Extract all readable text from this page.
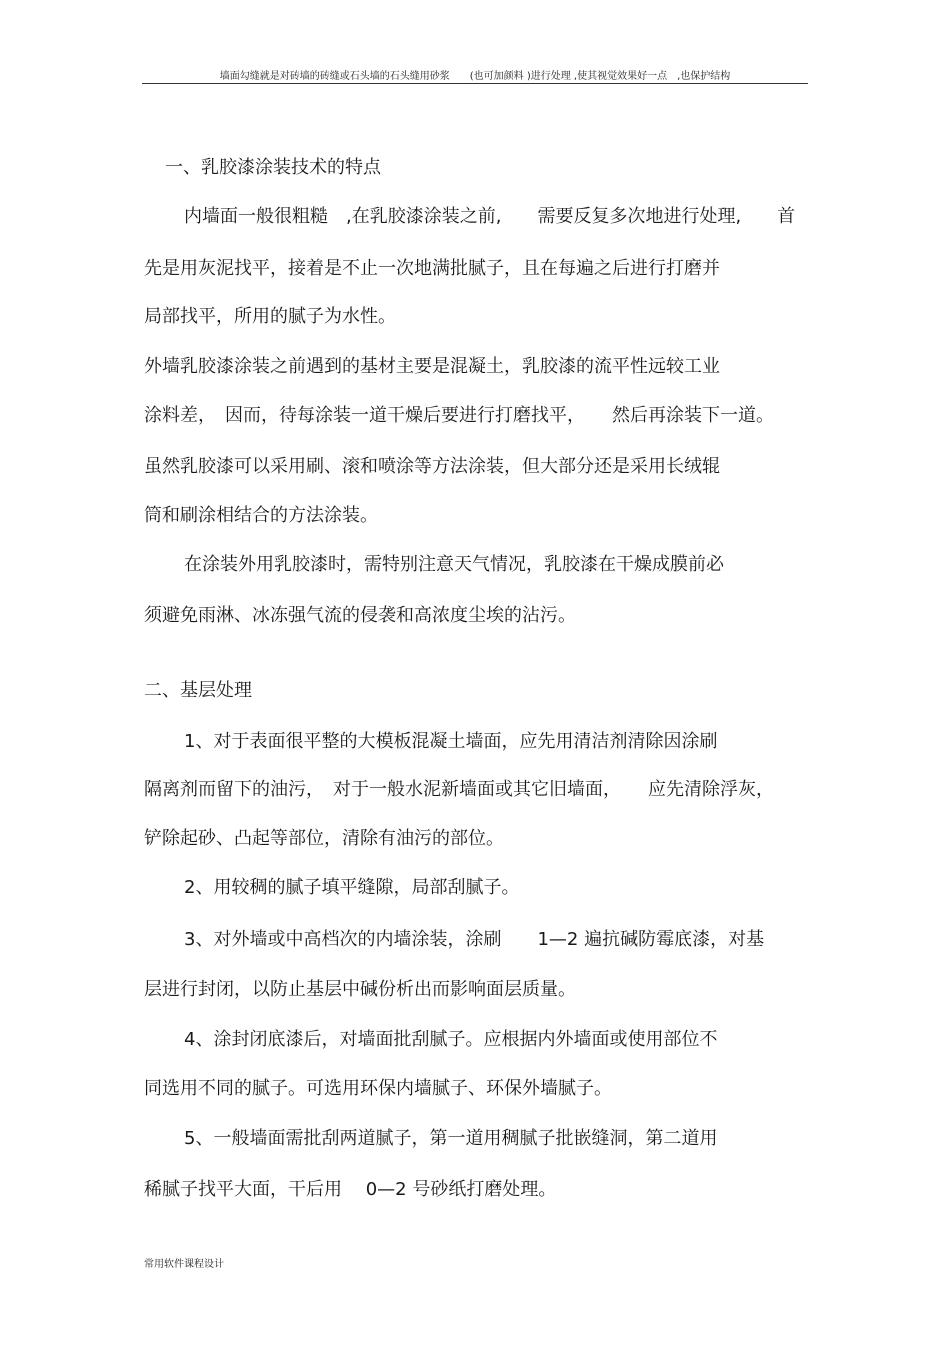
墙面勾缝就是对砖墙的砖缝或石头墙的石头缝用砂浆　　(也可加颜料 )进行处理 ,使其视觉效果好一点　,也保护结构
一、乳胶漆涂装技术的特点
内墙面一般很粗糙　,在乳胶漆涂装之前,　　需要反复多次地进行处理,　　首
先是用灰泥找平，接着是不止一次地满批腻子，且在每遍之后进行打磨并
局部找平，所用的腻子为水性。
外墙乳胶漆涂装之前遇到的基材主要是混凝土，乳胶漆的流平性远较工业
涂料差，　因而，待每涂装一道干燥后要进行打磨找平，　　然后再涂装下一道。
虽然乳胶漆可以采用刷、滚和喷涂等方法涂装，但大部分还是采用长绒辊
筒和刷涂相结合的方法涂装。
在涂装外用乳胶漆时，需特别注意天气情况，乳胶漆在干燥成膜前必
须避免雨淋、冰冻强气流的侵袭和高浓度尘埃的沾污。
二、基层处理
1、对于表面很平整的大模板混凝土墙面，应先用清洁剂清除因涂刷
隔离剂而留下的油污，　对于一般水泥新墙面或其它旧墙面，　　应先清除浮灰，
铲除起砂、凸起等部位，清除有油污的部位。
2、用较稠的腻子填平缝隙，局部刮腻子。
3、对外墙或中高档次的内墙涂装，涂刷　　1—2 遍抗碱防霉底漆，对基
层进行封闭，以防止基层中碱份析出而影响面层质量。
4、涂封闭底漆后，对墙面批刮腻子。应根据内外墙面或使用部位不
同选用不同的腻子。可选用环保内墙腻子、环保外墙腻子。
5、一般墙面需批刮两道腻子，第一道用稠腻子批嵌缝洞，第二道用
稀腻子找平大面，干后用　 0—2 号砂纸打磨处理。
常用软件课程设计
